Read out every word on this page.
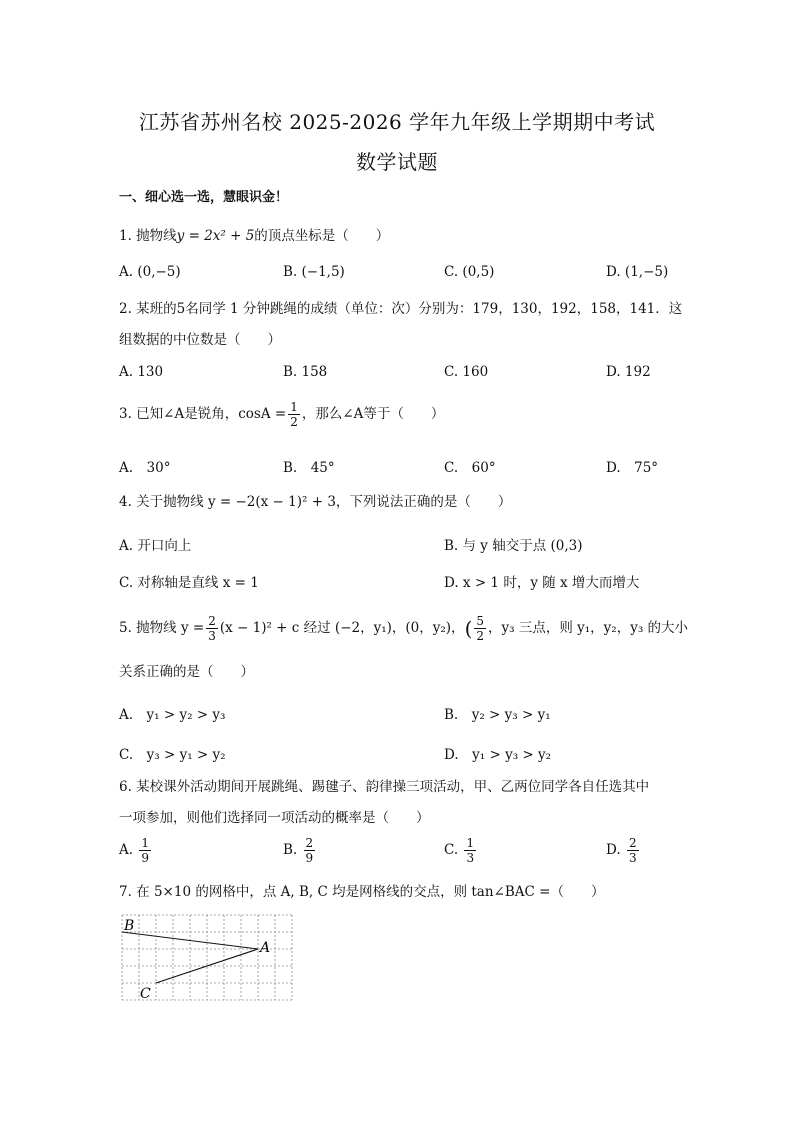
江苏省苏州名校 2025-2026 学年九年级上学期期中考试
数学试题
一、细心选一选，慧眼识金！
1. 抛物线y = 2x² + 5的顶点坐标是（　　）
A. (0,−5)	B. (−1,5)	C. (0,5)	D. (1,−5)
2. 某班的5名同学 1 分钟跳绳的成绩（单位：次）分别为：179，130，192，158，141．这
组数据的中位数是（　　）
A. 130	B. 158	C. 160	D. 192
3. 已知∠A是锐角，$\cos A = \frac{1}{2}$ ，那么∠A等于（　　）
A.　30°	B.　45°	C.　60°	D.　75°
4. 关于抛物线 y = −2(x − 1)² + 3，下列说法正确的是（　　）
A. 开口向上	B. 与 y 轴交于点 (0,3)
C. 对称轴是直线 x = 1	D. x > 1 时，y 随 x 增大而增大
5. 抛物线 $y = \frac{2}{3} (x - 1)^2 + c$ 经过 (−2，y₁)，(0，y₂)，( $\frac{5}{2}$ ，y₃ 三点，则 y₁，y₂，y₃ 的大小
关系正确的是（　　）
A.　y₁ > y₂ > y₃	B.　y₂ > y₃ > y₁
C.　y₃ > y₁ > y₂	D.　y₁ > y₃ > y₂
6. 某校课外活动期间开展跳绳、踢毽子、韵律操三项活动，甲、乙两位同学各自任选其中
一项参加，则他们选择同一项活动的概率是（　　）
A. $\frac{1}{9}$	B. $\frac{2}{9}$	C. $\frac{1}{3}$	D. $\frac{2}{3}$
7. 在 5×10 的网格中，点 A, B, C 均是网格线的交点，则 tan∠BAC =（　　）
B
A
C
